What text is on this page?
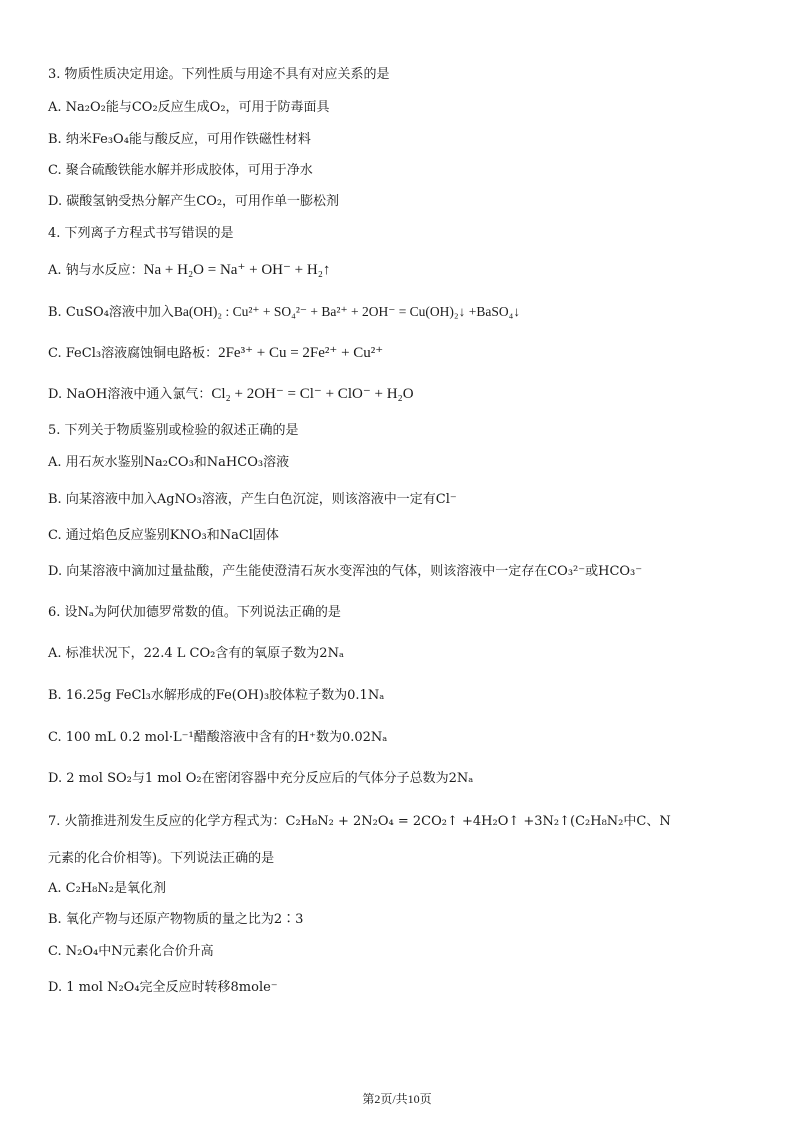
3. 物质性质决定用途。下列性质与用途不具有对应关系的是
A. Na₂O₂能与CO₂反应生成O₂，可用于防毒面具
B. 纳米Fe₃O₄能与酸反应，可用作铁磁性材料
C. 聚合硫酸铁能水解并形成胶体，可用于净水
D. 碳酸氢钠受热分解产生CO₂，可用作单一膨松剂
4. 下列离子方程式书写错误的是
A. 钠与水反应：Na + H₂O = Na⁺ + OH⁻ + H₂↑
B. CuSO₄溶液中加入Ba(OH)₂ : Cu²⁺ + SO₄²⁻ + Ba²⁺ + 2OH⁻ = Cu(OH)₂↓ +BaSO₄↓
C. FeCl₃溶液腐蚀铜电路板：2Fe³⁺ + Cu = 2Fe²⁺ + Cu²⁺
D. NaOH溶液中通入氯气：Cl₂ + 2OH⁻ = Cl⁻ + ClO⁻ + H₂O
5. 下列关于物质鉴别或检验的叙述正确的是
A. 用石灰水鉴别Na₂CO₃和NaHCO₃溶液
B. 向某溶液中加入AgNO₃溶液，产生白色沉淀，则该溶液中一定有Cl⁻
C. 通过焰色反应鉴别KNO₃和NaCl固体
D. 向某溶液中滴加过量盐酸，产生能使澄清石灰水变浑浊的气体，则该溶液中一定存在CO₃²⁻或HCO₃⁻
6. 设Nₐ为阿伏加德罗常数的值。下列说法正确的是
A. 标准状况下，22.4 L CO₂含有的氧原子数为2Nₐ
B. 16.25g FeCl₃水解形成的Fe(OH)₃胶体粒子数为0.1Nₐ
C. 100 mL 0.2 mol·L⁻¹醋酸溶液中含有的H⁺数为0.02Nₐ
D. 2 mol SO₂与1 mol O₂在密闭容器中充分反应后的气体分子总数为2Nₐ
7. 火箭推进剂发生反应的化学方程式为：C₂H₈N₂ + 2N₂O₄ = 2CO₂↑ +4H₂O↑ +3N₂↑(C₂H₈N₂中C、N
元素的化合价相等)。下列说法正确的是
A. C₂H₈N₂是氧化剂
B. 氧化产物与还原产物物质的量之比为2∶3
C. N₂O₄中N元素化合价升高
D. 1 mol N₂O₄完全反应时转移8mole⁻
第2页/共10页
